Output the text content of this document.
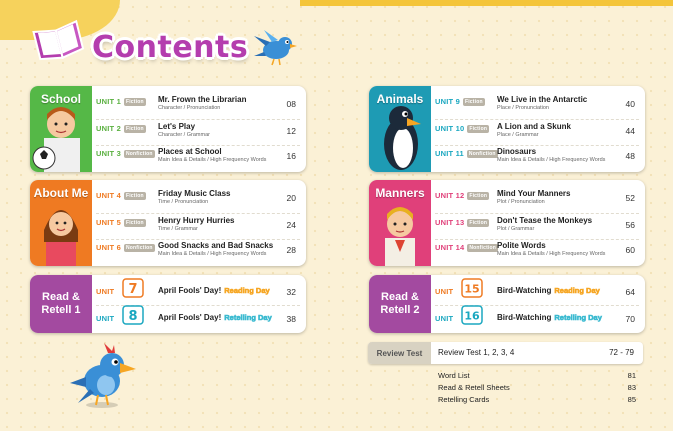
Contents
School	UNIT 1 Fiction Mr. Frown the Librarian
Character / Pronunciation	08
UNIT 2 Fiction Let's Play
Character / Grammar	12
UNIT 3 Nonfiction Places at School
Main Idea & Details / High Frequency Words 16
About Me	UNIT 4 Fiction Friday Music Class
Time / Pronunciation	20
UNIT 5 Fiction Henry Hurry Hurries
Time / Grammar	24
UNIT 6 Nonfiction Good Snacks and Bad Snacks
Main Idea & Details / High Frequency Words 28
Read &
Retell 1
UNIT 7	April Fools' Day! Reading Day 32
UNIT 8	April Fools' Day! Retelling Day 38
Animals	UNIT 9 Fiction We Live in the Antarctic
Place / Pronunciation	40
UNIT 10 Fiction A Lion and a Skunk
Place / Grammar	44
UNIT 11 Nonfiction Dinosaurs
Main Idea & Details / High Frequency Words 48
Manners	UNIT 12 Fiction Mind Your Manners
Plot / Pronunciation	52
UNIT 13 Fiction Don't Tease the Monkeys
Plot / Grammar	56
UNIT 14 Nonfiction Polite Words
Main Idea & Details / High Frequency Words 60
Read &
Retell 2
UNIT 15 Bird-Watching Reading Day	64
UNIT 16 Bird-Watching Retelling Day	70
Review Test	Review Test 1, 2, 3, 4	72 - 79
Word List	81
Read & Retell Sheets	83
Retelling Cards	85
